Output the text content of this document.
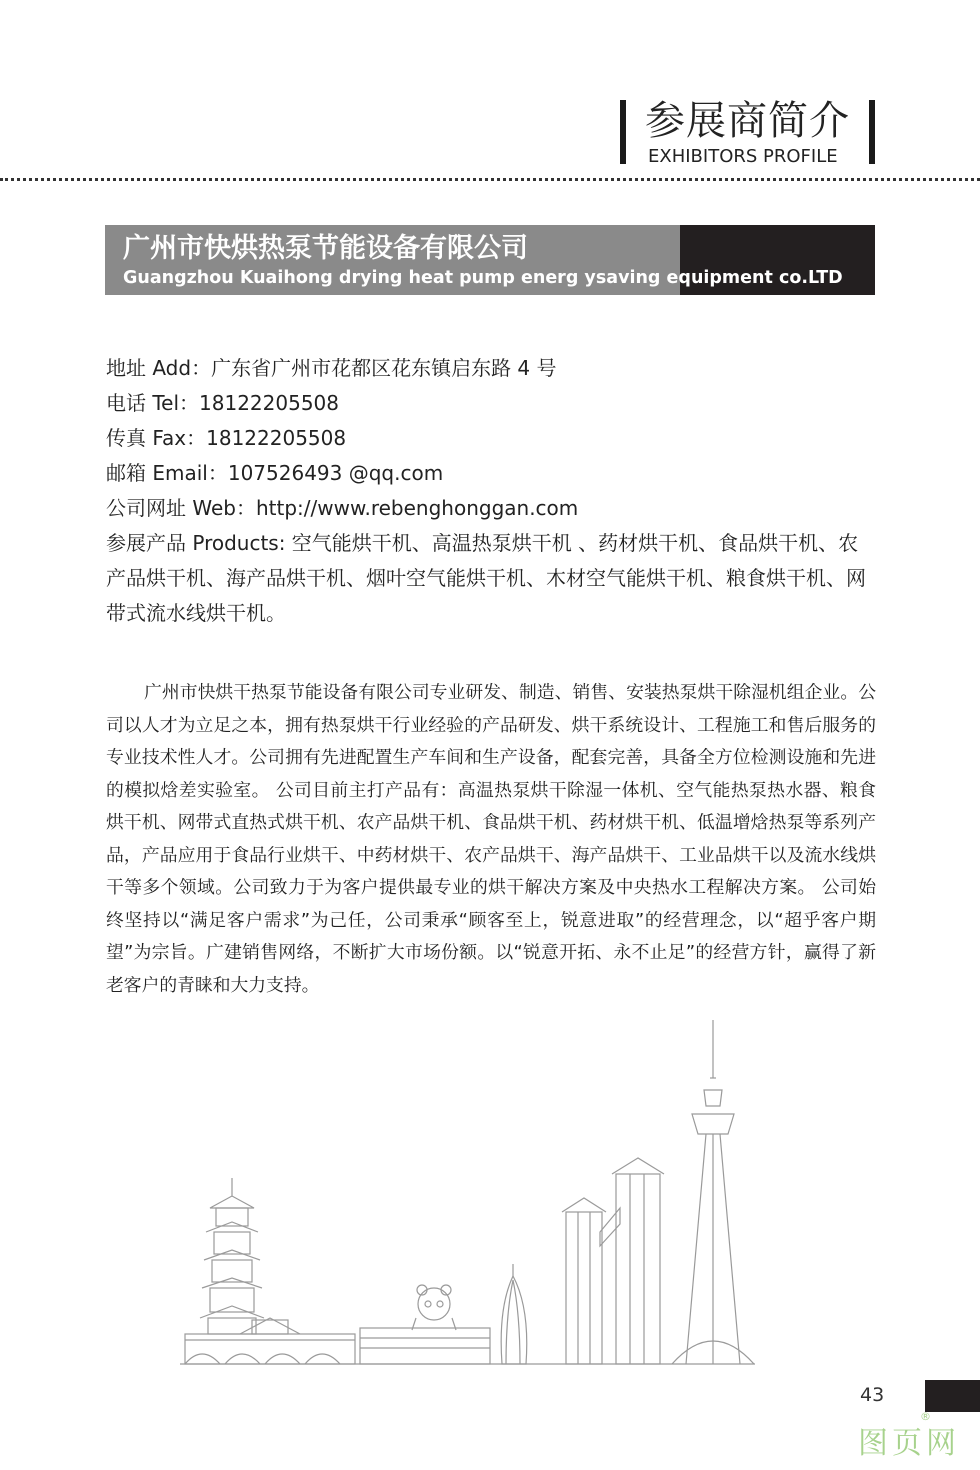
参展商简介
EXHIBITORS PROFILE
广州市快烘热泵节能设备有限公司
Guangzhou Kuaihong drying heat pump energ ysaving equipment co.LTD
地址 Add：广东省广州市花都区花东镇启东路 4 号
电话 Tel：18122205508
传真 Fax：18122205508
邮箱 Email：107526493 @qq.com
公司网址 Web：http://www.rebenghonggan.com
参展产品 Products: 空气能烘干机、高温热泵烘干机 、药材烘干机、食品烘干机、农产品烘干机、海产品烘干机、烟叶空气能烘干机、木材空气能烘干机、粮食烘干机、网带式流水线烘干机。
广州市快烘干热泵节能设备有限公司专业研发、制造、销售、安装热泵烘干除湿机组企业。公司以人才为立足之本，拥有热泵烘干行业经验的产品研发、烘干系统设计、工程施工和售后服务的专业技术性人才。公司拥有先进配置生产车间和生产设备，配套完善，具备全方位检测设施和先进的模拟焓差实验室。 公司目前主打产品有：高温热泵烘干除湿一体机、空气能热泵热水器、粮食烘干机、网带式直热式烘干机、农产品烘干机、食品烘干机、药材烘干机、低温增焓热泵等系列产品，产品应用于食品行业烘干、中药材烘干、农产品烘干、海产品烘干、工业品烘干以及流水线烘干等多个领域。公司致力于为客户提供最专业的烘干解决方案及中央热水工程解决方案。 公司始终坚持以“满足客户需求”为己任，公司秉承“顾客至上，锐意进取”的经营理念，以“超乎客户期望”为宗旨。广建销售网络，不断扩大市场份额。以“锐意开拓、永不止足”的经营方针，赢得了新老客户的青睐和大力支持。
43
®
图页网
